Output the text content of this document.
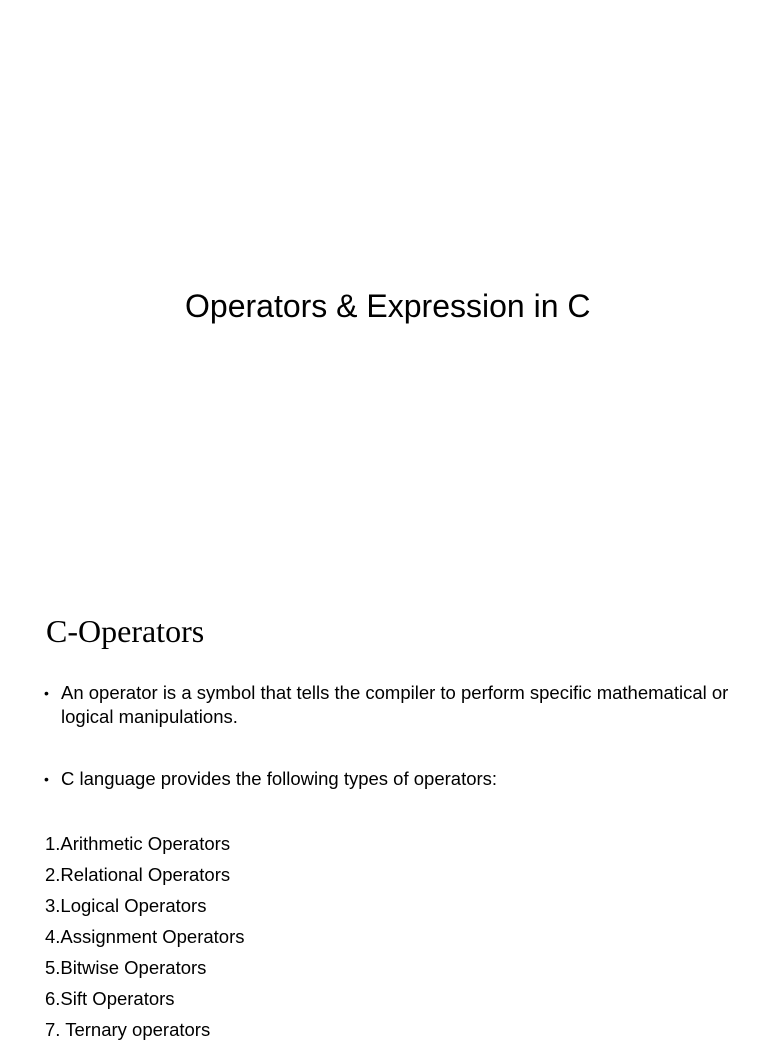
Operators & Expression in C
C-Operators
• An operator is a symbol that tells the compiler to perform specific mathematical or logical manipulations.
• C language provides the following types of operators:
1.Arithmetic Operators
2.Relational Operators
3.Logical Operators
4.Assignment Operators
5.Bitwise Operators
6.Sift Operators
7. Ternary operators
